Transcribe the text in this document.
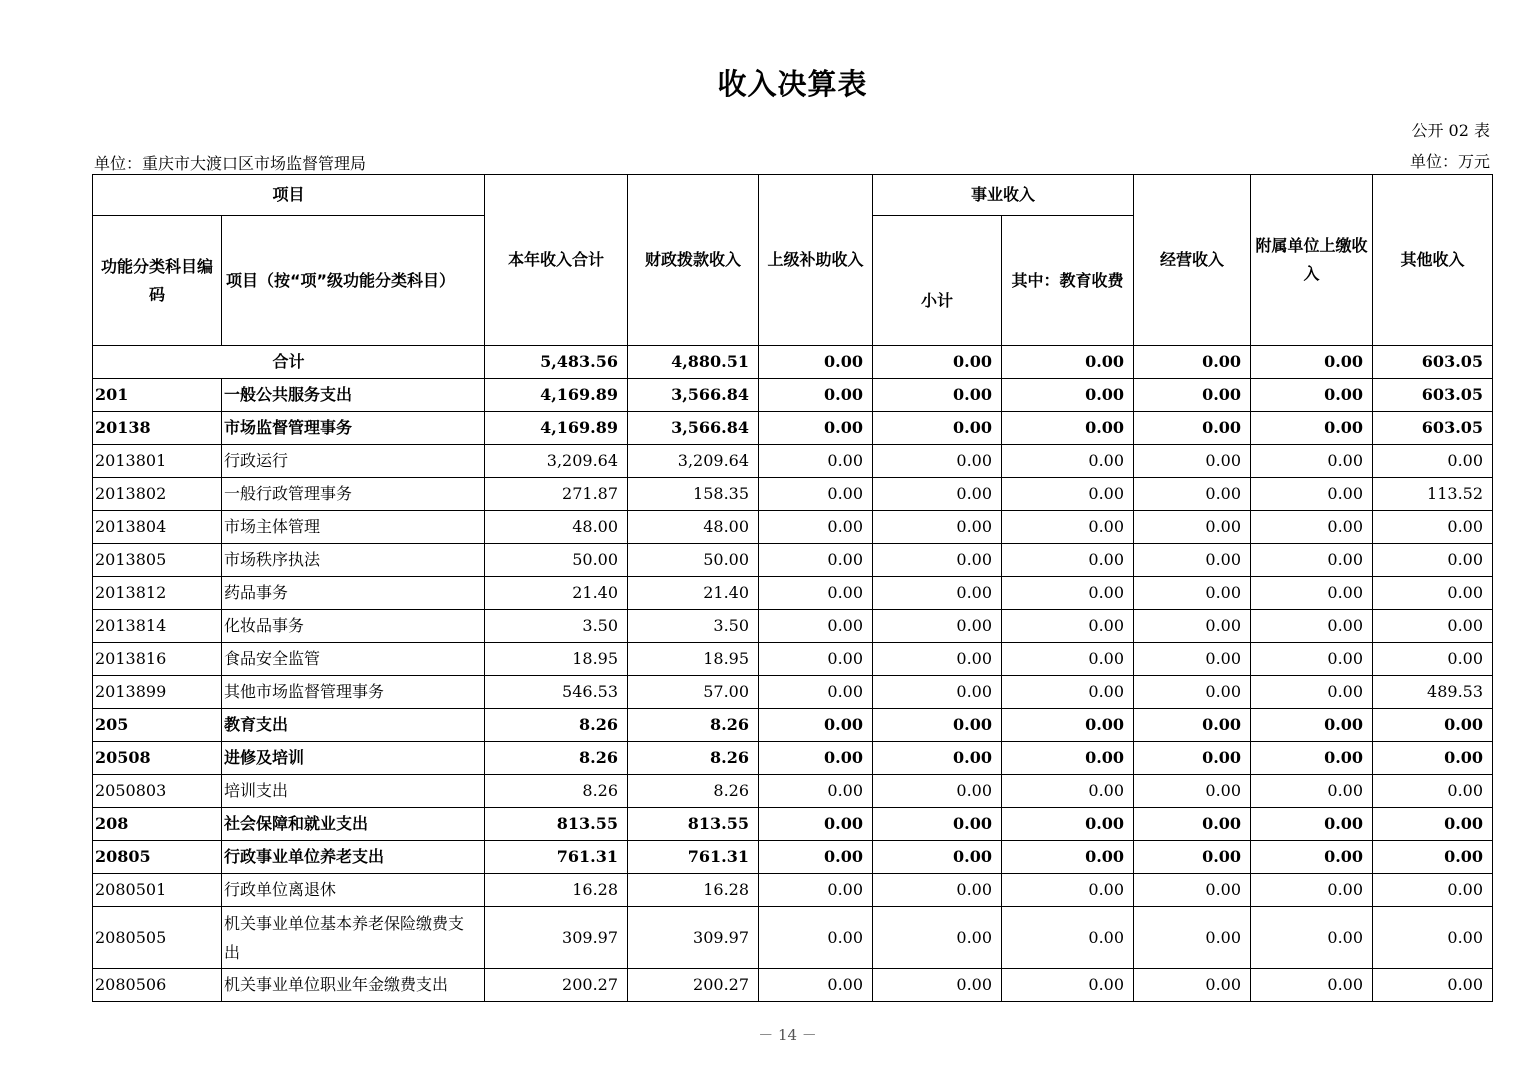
收入决算表
公开 02 表
单位：重庆市大渡口区市场监督管理局	单位：万元
项目		本年收入合计	财政拨款收入	上级补助收入	事业收入		经营收入	附属单位上缴收入	其他收入
功能分类科目编码	项目（按“项”级功能分类科目）				小计	其中：教育收费			
合计		5,483.56	4,880.51	0.00	0.00	0.00	0.00	0.00	603.05
201	一般公共服务支出	4,169.89	3,566.84	0.00	0.00	0.00	0.00	0.00	603.05
20138	市场监督管理事务	4,169.89	3,566.84	0.00	0.00	0.00	0.00	0.00	603.05
2013801	行政运行	3,209.64	3,209.64	0.00	0.00	0.00	0.00	0.00	0.00
2013802	一般行政管理事务	271.87	158.35	0.00	0.00	0.00	0.00	0.00	113.52
2013804	市场主体管理	48.00	48.00	0.00	0.00	0.00	0.00	0.00	0.00
2013805	市场秩序执法	50.00	50.00	0.00	0.00	0.00	0.00	0.00	0.00
2013812	药品事务	21.40	21.40	0.00	0.00	0.00	0.00	0.00	0.00
2013814	化妆品事务	3.50	3.50	0.00	0.00	0.00	0.00	0.00	0.00
2013816	食品安全监管	18.95	18.95	0.00	0.00	0.00	0.00	0.00	0.00
2013899	其他市场监督管理事务	546.53	57.00	0.00	0.00	0.00	0.00	0.00	489.53
205	教育支出	8.26	8.26	0.00	0.00	0.00	0.00	0.00	0.00
20508	进修及培训	8.26	8.26	0.00	0.00	0.00	0.00	0.00	0.00
2050803	培训支出	8.26	8.26	0.00	0.00	0.00	0.00	0.00	0.00
208	社会保障和就业支出	813.55	813.55	0.00	0.00	0.00	0.00	0.00	0.00
20805	行政事业单位养老支出	761.31	761.31	0.00	0.00	0.00	0.00	0.00	0.00
2080501	行政单位离退休	16.28	16.28	0.00	0.00	0.00	0.00	0.00	0.00
2080505	机关事业单位基本养老保险缴费支出	309.97	309.97	0.00	0.00	0.00	0.00	0.00	0.00
2080506	机关事业单位职业年金缴费支出	200.27	200.27	0.00	0.00	0.00	0.00	0.00	0.00
－ 14 －
